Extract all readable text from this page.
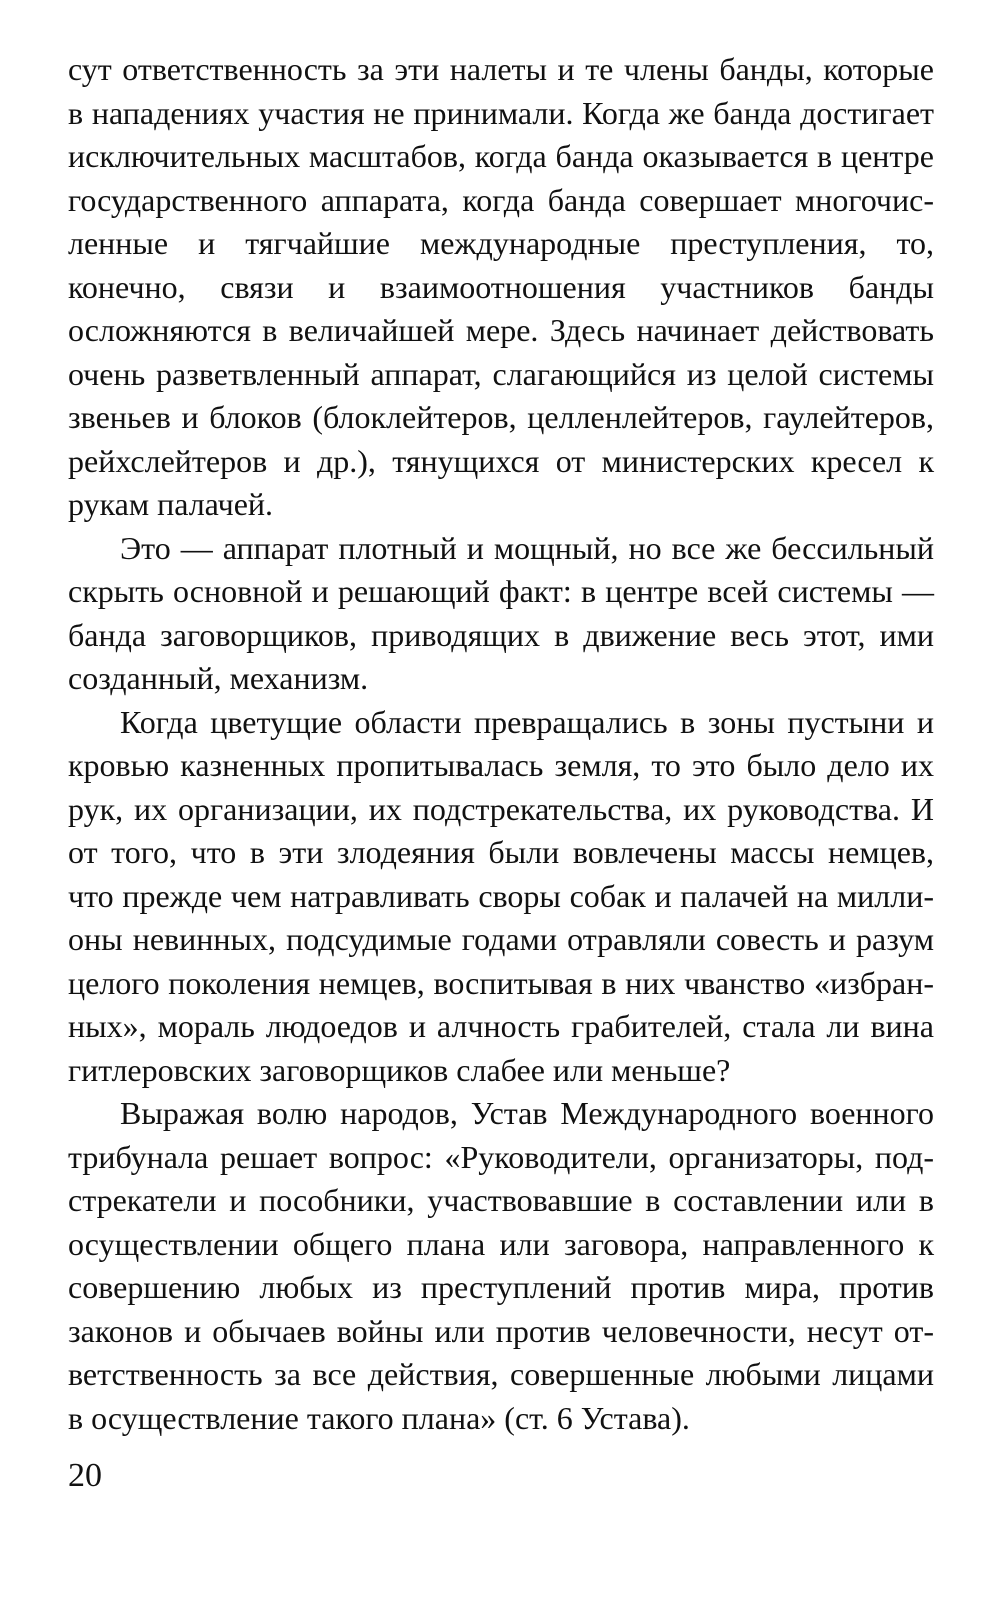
сут ответственность за эти налеты и те члены банды, которые в нападениях участия не принимали. Когда же банда достигает исключительных масштабов, когда банда оказывается в центре государственного аппарата, когда банда совершает многочисленные и тягчайшие международные преступления, то, конечно, связи и взаимоотношения участников банды осложняются в величайшей мере. Здесь начинает действовать очень разветвленный аппарат, слагающийся из целой системы звеньев и блоков (блоклейтеров, целленлейтеров, гаулейтеров, рейхслейтеров и др.), тянущихся от министерских кресел к рукам палачей.

Это — аппарат плотный и мощный, но все же бессильный скрыть основной и решающий факт: в центре всей системы — банда заговорщиков, приводящих в движение весь этот, ими созданный, механизм.

Когда цветущие области превращались в зоны пустыни и кровью казненных пропитывалась земля, то это было дело их рук, их организации, их подстрекательства, их руководства. И от того, что в эти злодеяния были вовлечены массы немцев, что прежде чем натравливать своры собак и палачей на миллионы невинных, подсудимые годами отравляли совесть и разум целого поколения немцев, воспитывая в них чванство «избранных», мораль людоедов и алчность грабителей, стала ли вина гитлеровских заговорщиков слабее или меньше?

Выражая волю народов, Устав Международного военного трибунала решает вопрос: «Руководители, организаторы, подстрекатели и пособники, участвовавшие в составлении или в осуществлении общего плана или заговора, направленного к совершению любых из преступлений против мира, против законов и обычаев войны или против человечности, несут ответственность за все действия, совершенные любыми лицами в осуществление такого плана» (ст. 6 Устава).

20
